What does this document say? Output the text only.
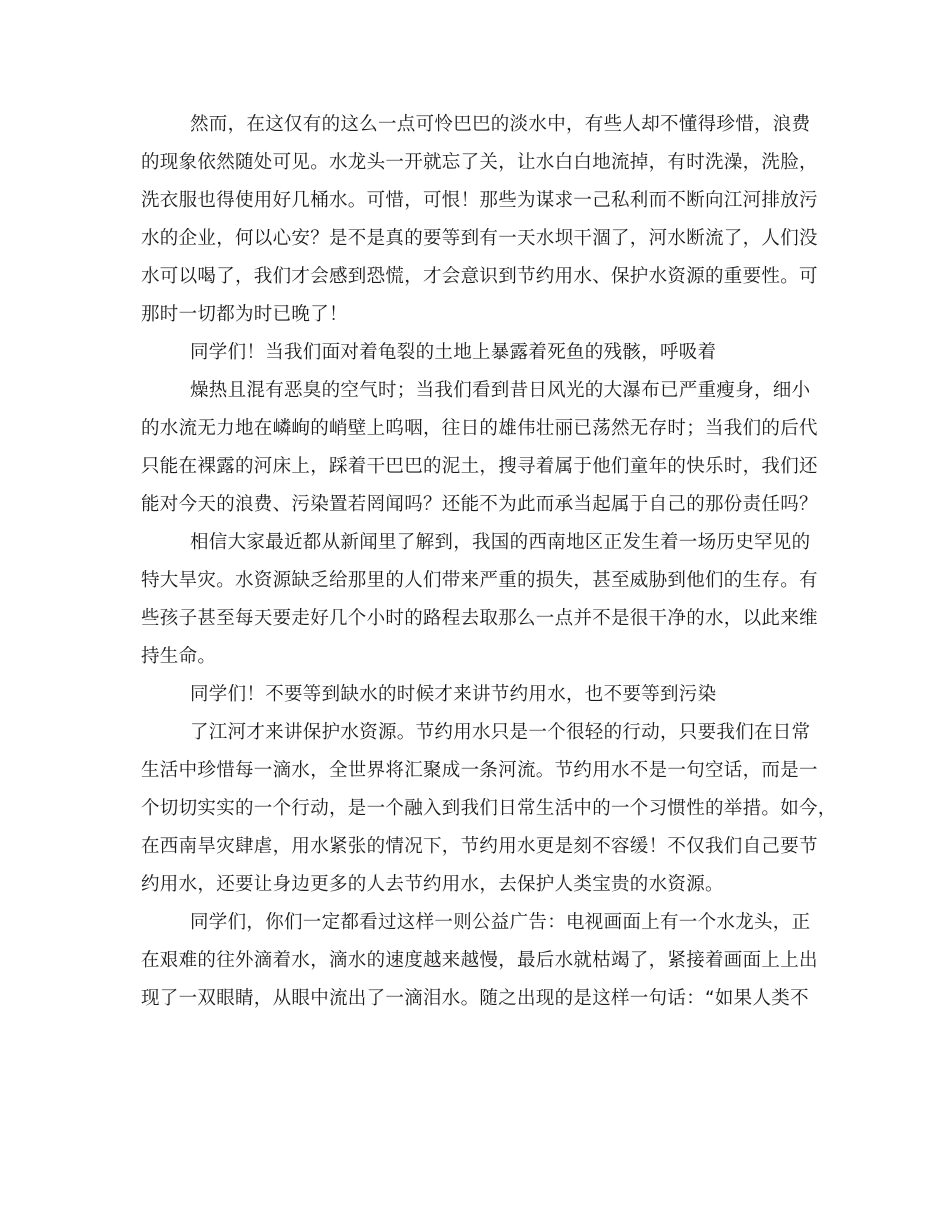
然而，在这仅有的这么一点可怜巴巴的淡水中，有些人却不懂得珍惜，浪费
的现象依然随处可见。水龙头一开就忘了关，让水白白地流掉，有时洗澡，洗脸，
洗衣服也得使用好几桶水。可惜，可恨！那些为谋求一己私利而不断向江河排放污
水的企业，何以心安？是不是真的要等到有一天水坝干涸了，河水断流了，人们没
水可以喝了，我们才会感到恐慌，才会意识到节约用水、保护水资源的重要性。可
那时一切都为时已晚了！
同学们！当我们面对着龟裂的土地上暴露着死鱼的残骸，呼吸着
燥热且混有恶臭的空气时；当我们看到昔日风光的大瀑布已严重瘦身，细小
的水流无力地在嶙峋的峭壁上呜咽，往日的雄伟壮丽已荡然无存时；当我们的后代
只能在裸露的河床上，踩着干巴巴的泥土，搜寻着属于他们童年的快乐时，我们还
能对今天的浪费、污染置若罔闻吗？还能不为此而承当起属于自己的那份责任吗？
相信大家最近都从新闻里了解到，我国的西南地区正发生着一场历史罕见的
特大旱灾。水资源缺乏给那里的人们带来严重的损失，甚至威胁到他们的生存。有
些孩子甚至每天要走好几个小时的路程去取那么一点并不是很干净的水，以此来维
持生命。
同学们！不要等到缺水的时候才来讲节约用水，也不要等到污染
了江河才来讲保护水资源。节约用水只是一个很轻的行动，只要我们在日常
生活中珍惜每一滴水，全世界将汇聚成一条河流。节约用水不是一句空话，而是一
个切切实实的一个行动，是一个融入到我们日常生活中的一个习惯性的举措。如今，
在西南旱灾肆虐，用水紧张的情况下，节约用水更是刻不容缓！不仅我们自己要节
约用水，还要让身边更多的人去节约用水，去保护人类宝贵的水资源。
同学们，你们一定都看过这样一则公益广告：电视画面上有一个水龙头，正
在艰难的往外滴着水，滴水的速度越来越慢，最后水就枯竭了，紧接着画面上上出
现了一双眼睛，从眼中流出了一滴泪水。随之出现的是这样一句话：“如果人类不
